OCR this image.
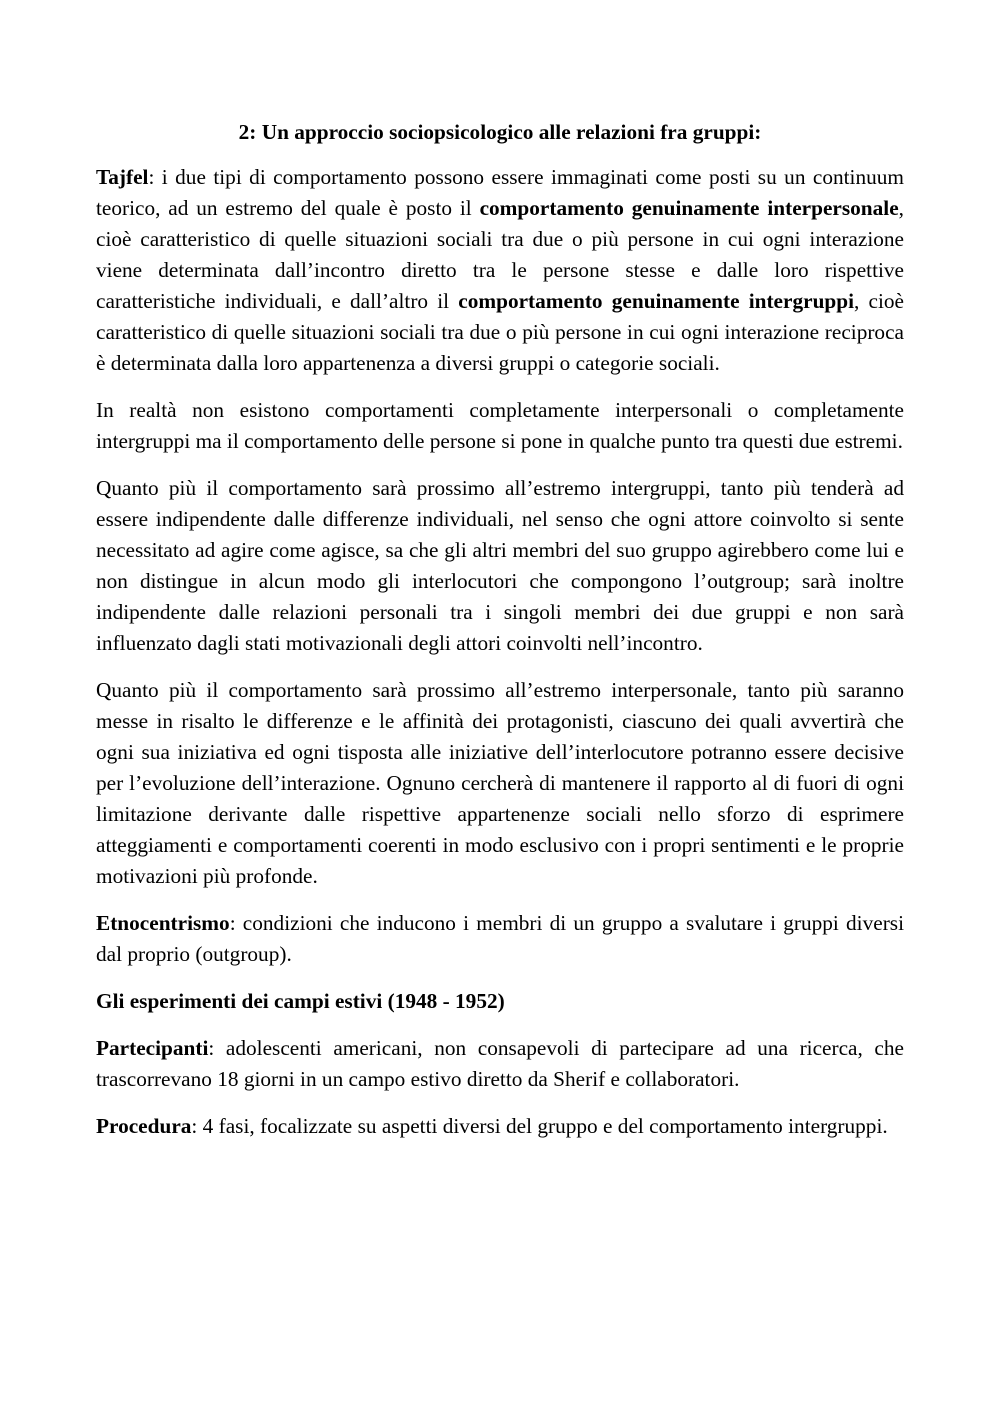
2: Un approccio sociopsicologico alle relazioni fra gruppi:

Tajfel: i due tipi di comportamento possono essere immaginati come posti su un continuum teorico, ad un estremo del quale è posto il comportamento genuinamente interpersonale, cioè caratteristico di quelle situazioni sociali tra due o più persone in cui ogni interazione viene determinata dall’incontro diretto tra le persone stesse e dalle loro rispettive caratteristiche individuali, e dall’altro il comportamento genuinamente intergruppi, cioè caratteristico di quelle situazioni sociali tra due o più persone in cui ogni interazione reciproca è determinata dalla loro appartenenza a diversi gruppi o categorie sociali.

In realtà non esistono comportamenti completamente interpersonali o completamente intergruppi ma il comportamento delle persone si pone in qualche punto tra questi due estremi.

Quanto più il comportamento sarà prossimo all’estremo intergruppi, tanto più tenderà ad essere indipendente dalle differenze individuali, nel senso che ogni attore coinvolto si sente necessitato ad agire come agisce, sa che gli altri membri del suo gruppo agirebbero come lui e non distingue in alcun modo gli interlocutori che compongono l’outgroup; sarà inoltre indipendente dalle relazioni personali tra i singoli membri dei due gruppi e non sarà influenzato dagli stati motivazionali degli attori coinvolti nell’incontro.

Quanto più il comportamento sarà prossimo all’estremo interpersonale, tanto più saranno messe in risalto le differenze e le affinità dei protagonisti, ciascuno dei quali avvertirà che ogni sua iniziativa ed ogni tisposta alle iniziative dell’interlocutore potranno essere decisive per l’evoluzione dell’interazione. Ognuno cercherà di mantenere il rapporto al di fuori di ogni limitazione derivante dalle rispettive appartenenze sociali nello sforzo di esprimere atteggiamenti e comportamenti coerenti in modo esclusivo con i propri sentimenti e le proprie motivazioni più profonde.

Etnocentrismo: condizioni che inducono i membri di un gruppo a svalutare i gruppi diversi dal proprio (outgroup).

Gli esperimenti dei campi estivi (1948 - 1952)

Partecipanti: adolescenti americani, non consapevoli di partecipare ad una ricerca, che trascorrevano 18 giorni in un campo estivo diretto da Sherif e collaboratori.

Procedura: 4 fasi, focalizzate su aspetti diversi del gruppo e del comportamento intergruppi.
